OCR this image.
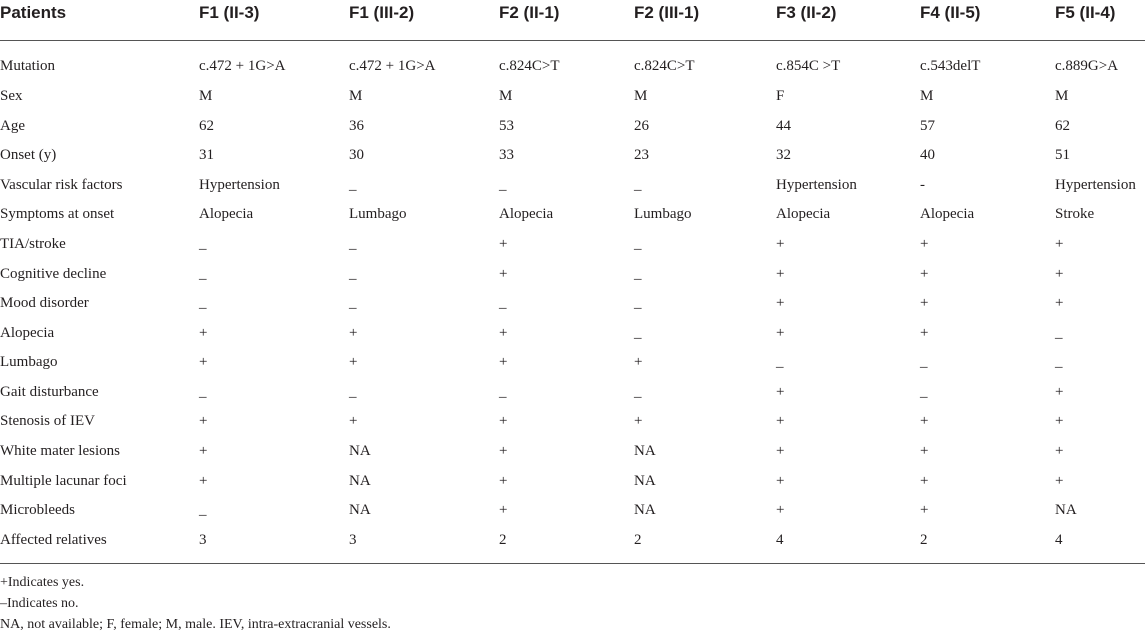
Patients	F1 (II-3)	F1 (III-2)	F2 (II-1)	F2 (III-1)	F3 (II-2)	F4 (II-5)	F5 (II-4)
Mutation	c.472 + 1G>A	c.472 + 1G>A	c.824C>T	c.824C>T	c.854C >T	c.543delT	c.889G>A
Sex	M	M	M	M	F	M	M
Age	62	36	53	26	44	57	62
Onset (y)	31	30	33	23	32	40	51
Vascular risk factors	Hypertension	_	_	_	Hypertension	-	Hypertension
Symptoms at onset	Alopecia	Lumbago	Alopecia	Lumbago	Alopecia	Alopecia	Stroke
TIA/stroke	_	_	+	_	+	+	+
Cognitive decline	_	_	+	_	+	+	+
Mood disorder	_	_	_	_	+	+	+
Alopecia	+	+	+	_	+	+	_
Lumbago	+	+	+	+	_	_	_
Gait disturbance	_	_	_	_	+	_	+
Stenosis of IEV	+	+	+	+	+	+	+
White mater lesions	+	NA	+	NA	+	+	+
Multiple lacunar foci	+	NA	+	NA	+	+	+
Microbleeds	_	NA	+	NA	+	+	NA
Affected relatives	3	3	2	2	4	2	4
+Indicates yes.
–Indicates no.
NA, not available; F, female; M, male. IEV, intra-extracranial vessels.
